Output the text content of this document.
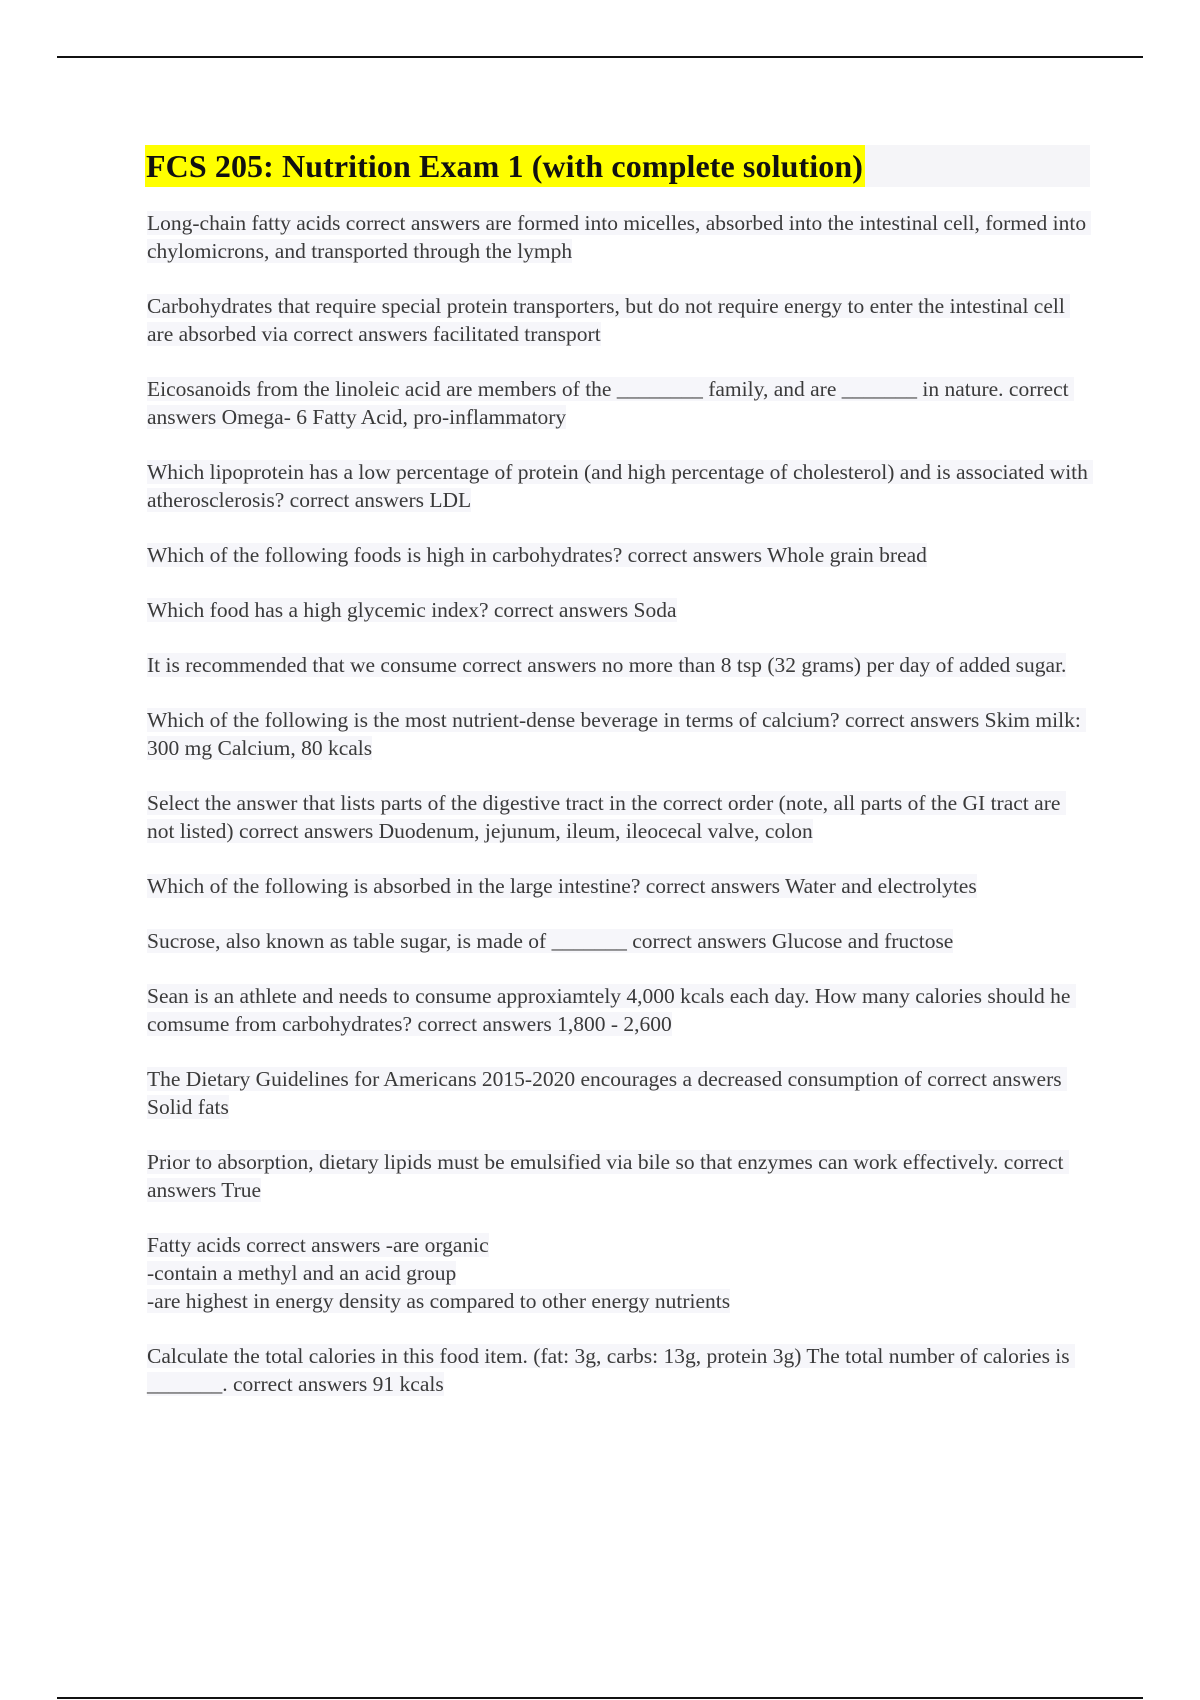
FCS 205: Nutrition Exam 1 (with complete solution)
Long-chain fatty acids correct answers are formed into micelles, absorbed into the intestinal cell, formed into chylomicrons, and transported through the lymph
Carbohydrates that require special protein transporters, but do not require energy to enter the intestinal cell are absorbed via correct answers facilitated transport
Eicosanoids from the linoleic acid are members of the ________ family, and are _______ in nature. correct answers Omega- 6 Fatty Acid, pro-inflammatory
Which lipoprotein has a low percentage of protein (and high percentage of cholesterol) and is associated with atherosclerosis? correct answers LDL
Which of the following foods is high in carbohydrates? correct answers Whole grain bread
Which food has a high glycemic index? correct answers Soda
It is recommended that we consume correct answers no more than 8 tsp (32 grams) per day of added sugar.
Which of the following is the most nutrient-dense beverage in terms of calcium? correct answers Skim milk: 300 mg Calcium, 80 kcals
Select the answer that lists parts of the digestive tract in the correct order (note, all parts of the GI tract are not listed) correct answers Duodenum, jejunum, ileum, ileocecal valve, colon
Which of the following is absorbed in the large intestine? correct answers Water and electrolytes
Sucrose, also known as table sugar, is made of _______ correct answers Glucose and fructose
Sean is an athlete and needs to consume approxiamtely 4,000 kcals each day. How many calories should he comsume from carbohydrates? correct answers 1,800 - 2,600
The Dietary Guidelines for Americans 2015-2020 encourages a decreased consumption of correct answers Solid fats
Prior to absorption, dietary lipids must be emulsified via bile so that enzymes can work effectively. correct answers True
Fatty acids correct answers -are organic
-contain a methyl and an acid group
-are highest in energy density as compared to other energy nutrients
Calculate the total calories in this food item. (fat: 3g, carbs: 13g, protein 3g) The total number of calories is _______. correct answers 91 kcals
